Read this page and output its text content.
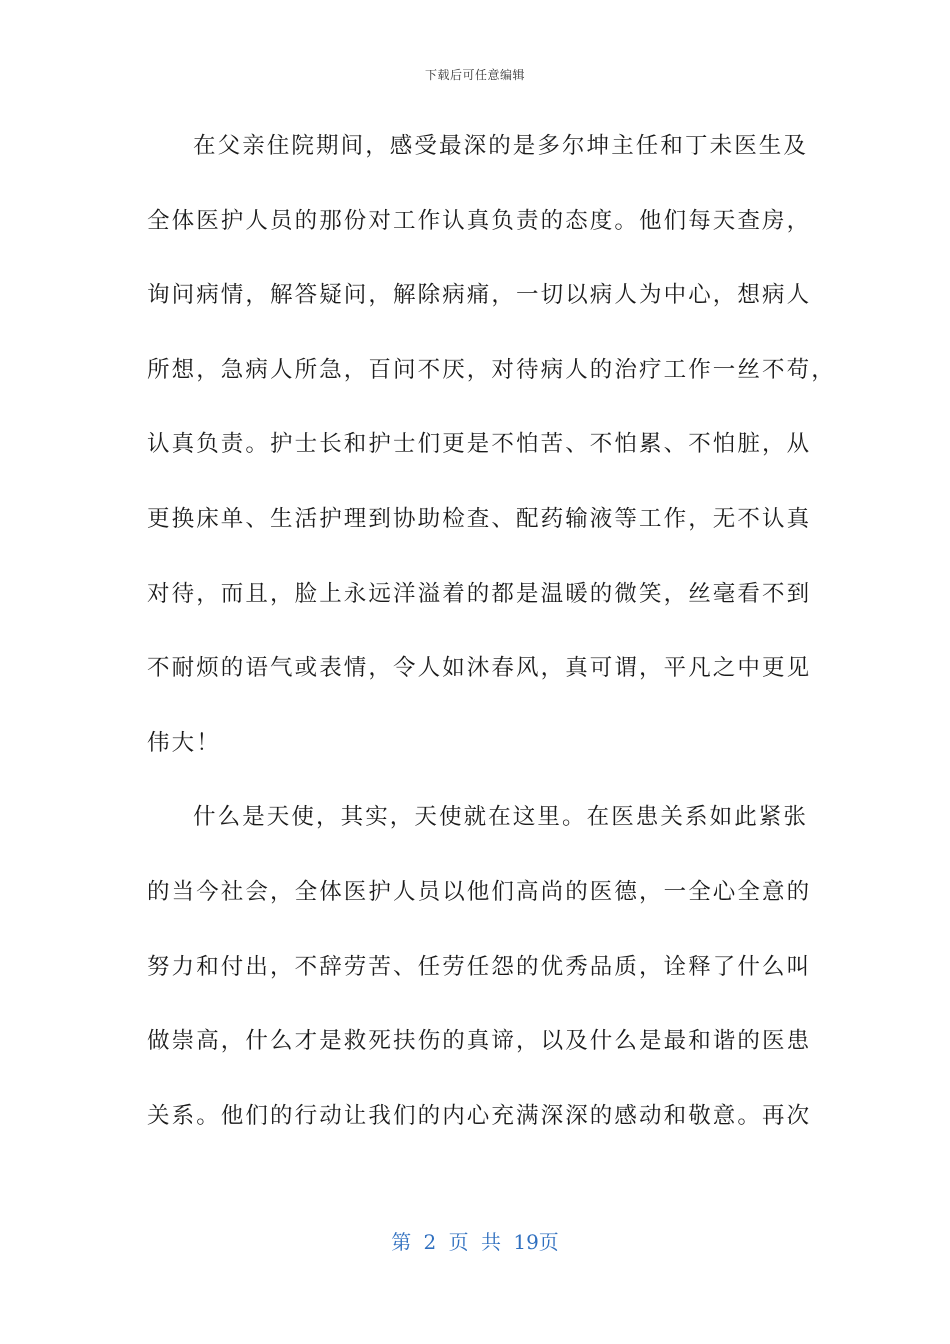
下载后可任意编辑
在父亲住院期间，感受最深的是多尔坤主任和丁未医生及
全体医护人员的那份对工作认真负责的态度。他们每天查房，
询问病情，解答疑问，解除病痛，一切以病人为中心，想病人
所想，急病人所急，百问不厌，对待病人的治疗工作一丝不苟，
认真负责。护士长和护士们更是不怕苦、不怕累、不怕脏，从
更换床单、生活护理到协助检查、配药输液等工作，无不认真
对待，而且，脸上永远洋溢着的都是温暖的微笑，丝毫看不到
不耐烦的语气或表情，令人如沐春风，真可谓，平凡之中更见
伟大！
什么是天使，其实，天使就在这里。在医患关系如此紧张
的当今社会，全体医护人员以他们高尚的医德，一全心全意的
努力和付出，不辞劳苦、任劳任怨的优秀品质，诠释了什么叫
做崇高，什么才是救死扶伤的真谛，以及什么是最和谐的医患
关系。他们的行动让我们的内心充满深深的感动和敬意。再次
第 2 页 共 19页
